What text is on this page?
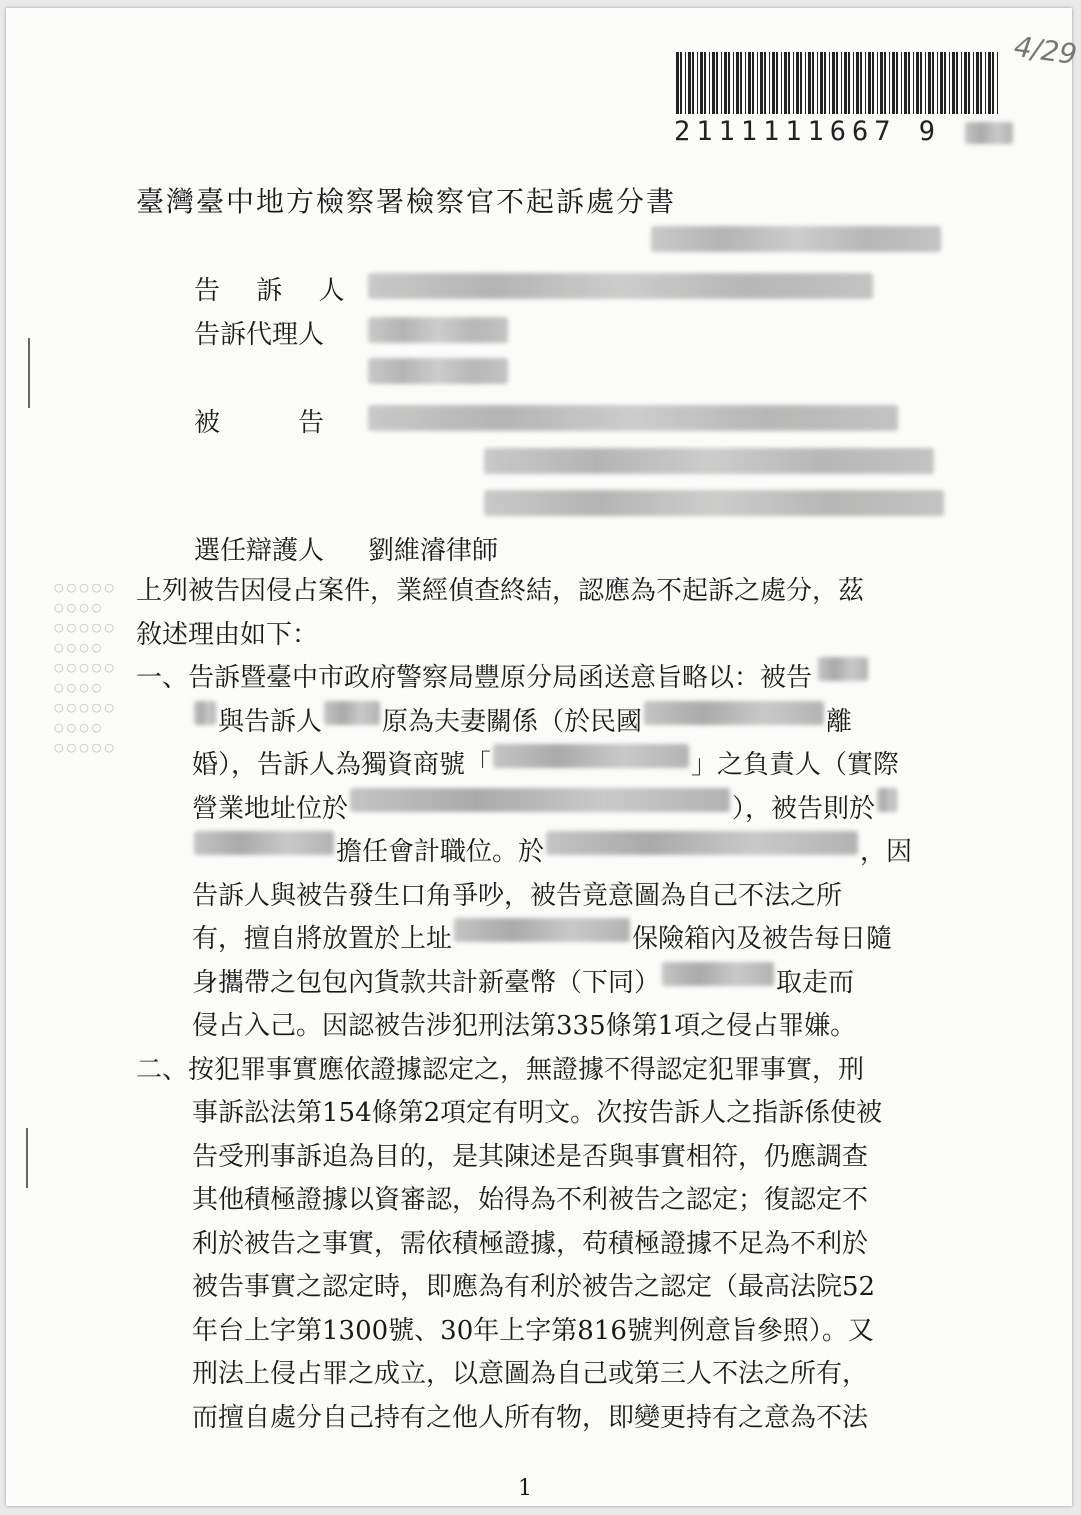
2111111667 9
4/29
臺灣臺中地方檢察署檢察官不起訴處分書
告 訴 人
告訴代理人
被　　　告
選任辯護人 劉維濬律師
上列被告因侵占案件，業經偵查終結，認應為不起訴之處分，茲
敘述理由如下：
一、告訴暨臺中市政府警察局豐原分局函送意旨略以：被告
與告訴人 原為夫妻關係（於民國	離
婚），告訴人為獨資商號「	」之負責人（實際
營業地址位於	），被告則於
擔任會計職位。於	，因
告訴人與被告發生口角爭吵，被告竟意圖為自己不法之所
有，擅自將放置於上址	保險箱內及被告每日隨
身攜帶之包包內貨款共計新臺幣（下同）	取走而
侵占入己。因認被告涉犯刑法第335條第1項之侵占罪嫌。
二、按犯罪事實應依證據認定之，無證據不得認定犯罪事實，刑
事訴訟法第154條第2項定有明文。次按告訴人之指訴係使被
告受刑事訴追為目的，是其陳述是否與事實相符，仍應調查
其他積極證據以資審認，始得為不利被告之認定；復認定不
利於被告之事實，需依積極證據，苟積極證據不足為不利於
被告事實之認定時，即應為有利於被告之認定（最高法院52
年台上字第1300號、30年上字第816號判例意旨參照）。又
刑法上侵占罪之成立，以意圖為自己或第三人不法之所有，
而擅自處分自己持有之他人所有物，即變更持有之意為不法
1
○○○○○
○○○○
○○○○○
○○○○
○○○○○
○○○○
○○○○○
○○○○
○○○○○
